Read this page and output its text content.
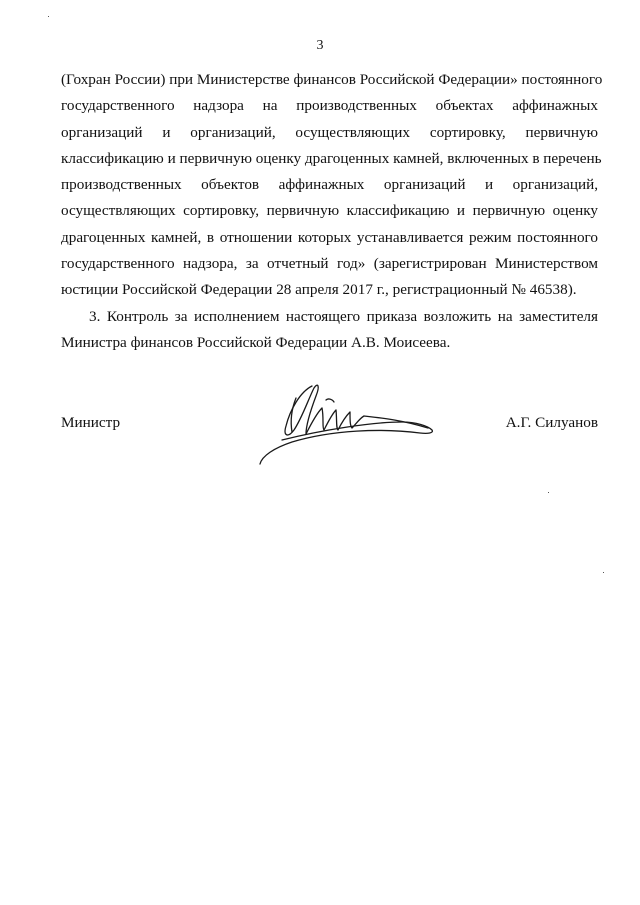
3

(Гохран России) при Министерстве финансов Российской Федерации» постоянного
государственного надзора на производственных объектах аффинажных
организаций и организаций, осуществляющих сортировку, первичную
классификацию и первичную оценку драгоценных камней, включенных в перечень
производственных объектов аффинажных организаций и организаций,
осуществляющих сортировку, первичную классификацию и первичную оценку
драгоценных камней, в отношении которых устанавливается режим постоянного
государственного надзора, за отчетный год» (зарегистрирован Министерством
юстиции Российской Федерации 28 апреля 2017 г., регистрационный № 46538).

3. Контроль за исполнением настоящего приказа возложить на заместителя
Министра финансов Российской Федерации А.В. Моисеева.

Министр	А.Г. Силуанов
